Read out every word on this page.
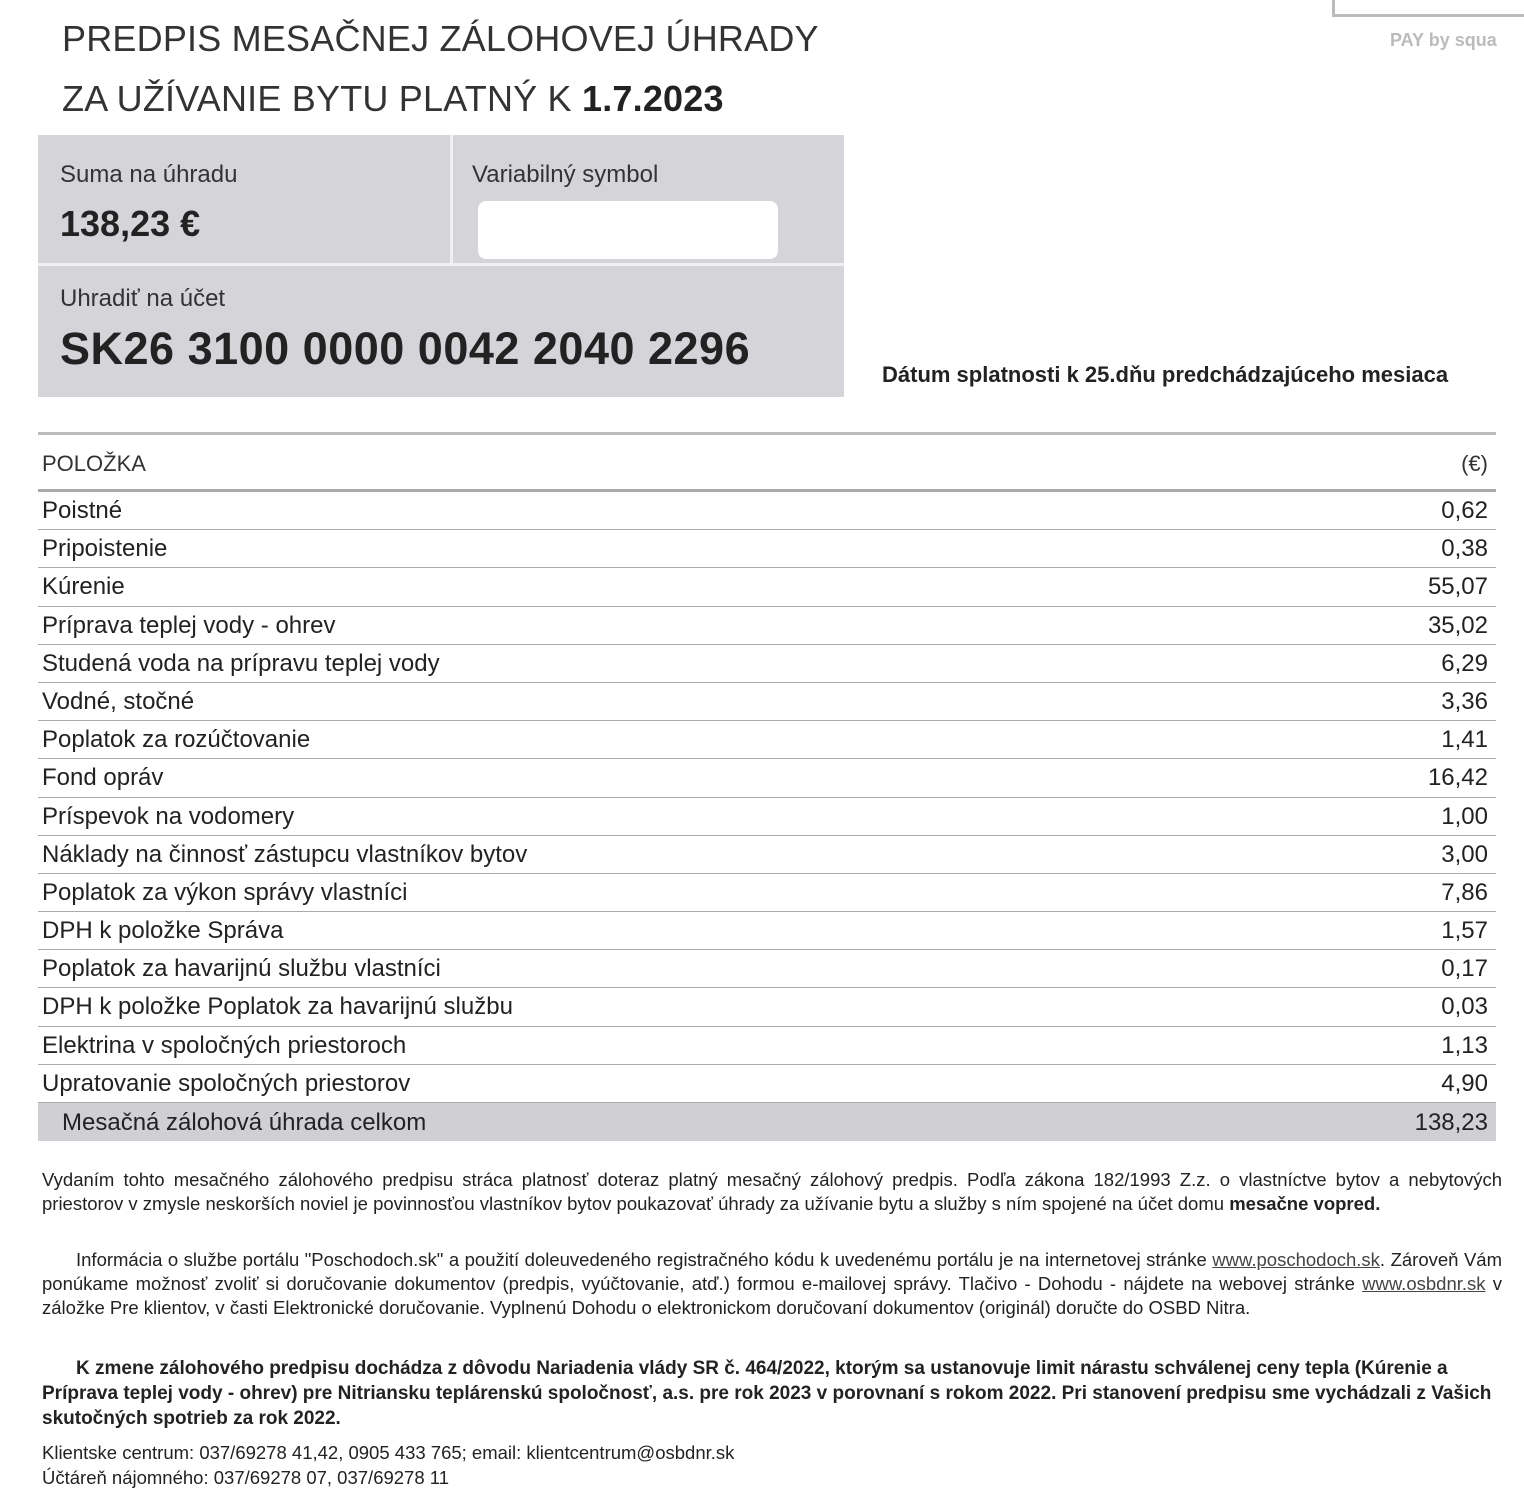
PREDPIS MESAČNEJ ZÁLOHOVEJ ÚHRADY
ZA UŽÍVANIE BYTU PLATNÝ K 1.7.2023
PAY by squa
Suma na úhradu
138,23 €
Variabilný symbol
Uhradiť na účet
SK26 3100 0000 0042 2040 2296
Dátum splatnosti k 25.dňu predchádzajúceho mesiaca
POLOŽKA	(€)
Poistné	0,62
Pripoistenie	0,38
Kúrenie	55,07
Príprava teplej vody - ohrev	35,02
Studená voda na prípravu teplej vody	6,29
Vodné, stočné	3,36
Poplatok za rozúčtovanie	1,41
Fond opráv	16,42
Príspevok na vodomery	1,00
Náklady na činnosť zástupcu vlastníkov bytov	3,00
Poplatok za výkon správy vlastníci	7,86
DPH k položke Správa	1,57
Poplatok za havarijnú službu vlastníci	0,17
DPH k položke Poplatok za havarijnú službu	0,03
Elektrina v spoločných priestoroch	1,13
Upratovanie spoločných priestorov	4,90
Mesačná zálohová úhrada celkom	138,23
Vydaním tohto mesačného zálohového predpisu stráca platnosť doteraz platný mesačný zálohový predpis. Podľa zákona 182/1993 Z.z. o vlastníctve bytov a nebytových priestorov v zmysle neskorších noviel je povinnosťou vlastníkov bytov poukazovať úhrady za užívanie bytu a služby s ním spojené na účet domu mesačne vopred.
Informácia o službe portálu "Poschodoch.sk" a použití doleuvedeného registračného kódu k uvedenému portálu je na internetovej stránke www.poschodoch.sk. Zároveň Vám ponúkame možnosť zvoliť si doručovanie dokumentov (predpis, vyúčtovanie, atď.) formou e-mailovej správy. Tlačivo - Dohodu - nájdete na webovej stránke www.osbdnr.sk v záložke Pre klientov, v časti Elektronické doručovanie. Vyplnenú Dohodu o elektronickom doručovaní dokumentov (originál) doručte do OSBD Nitra.
K zmene zálohového predpisu dochádza z dôvodu Nariadenia vlády SR č. 464/2022, ktorým sa ustanovuje limit nárastu schválenej ceny tepla (Kúrenie a Príprava teplej vody - ohrev) pre Nitriansku teplárenskú spoločnosť, a.s. pre rok 2023 v porovnaní s rokom 2022. Pri stanovení predpisu sme vychádzali z Vašich skutočných spotrieb za rok 2022.
Klientske centrum: 037/69278 41,42, 0905 433 765; email: klientcentrum@osbdnr.sk
Účtáreň nájomného: 037/69278 07, 037/69278 11
